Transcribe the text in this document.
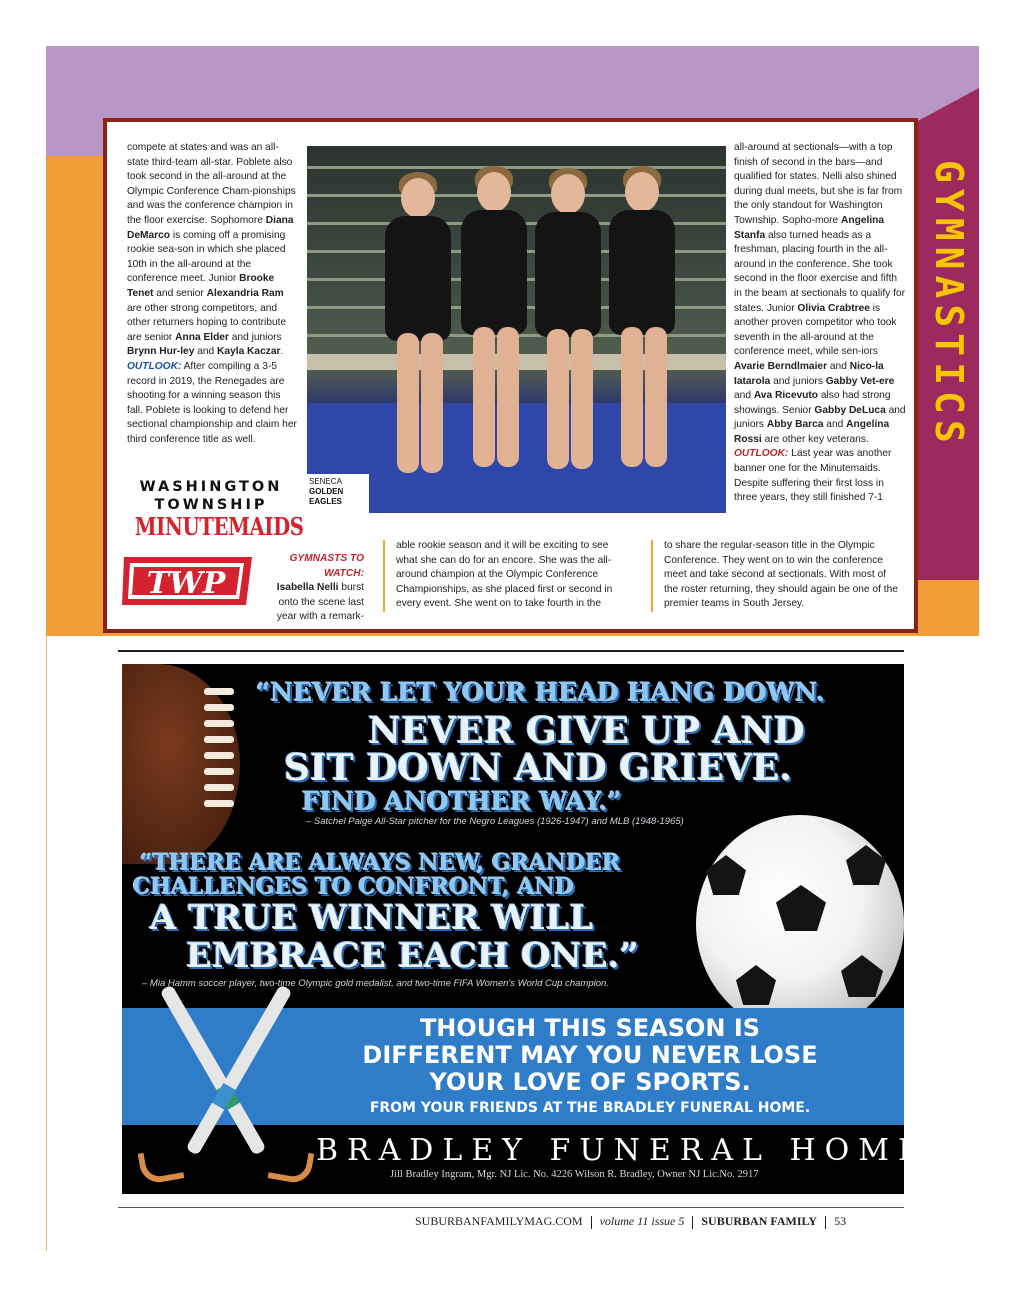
GYMNASTICS
compete at states and was an all-state third-team all-star. Poblete also took second in the all-around at the Olympic Conference Cham-pionships and was the conference champion in the floor exercise. Sophomore Diana DeMarco is coming off a promising rookie sea-son in which she placed 10th in the all-around at the conference meet. Junior Brooke Tenet and senior Alexandria Ram are other strong competitors, and other returners hoping to contribute are senior Anna Elder and juniors Brynn Hur-ley and Kayla Kaczar.
OUTLOOK: After compiling a 3-5 record in 2019, the Renegades are shooting for a winning season this fall. Poblete is looking to defend her sectional championship and claim her third conference title as well.
SENECA
GOLDEN
EAGLES
WASHINGTON TOWNSHIP
MINUTEMAIDS
TWP
GYMNASTS TO WATCH:
Isabella Nelli burst onto the scene last year with a remark-
able rookie season and it will be exciting to see what she can do for an encore. She was the all-around champion at the Olympic Conference Championships, as she placed first or second in every event. She went on to take fourth in the
all-around at sectionals—with a top finish of second in the bars—and qualified for states. Nelli also shined during dual meets, but she is far from the only standout for Washington Township. Sopho-more Angelina Stanfa also turned heads as a freshman, placing fourth in the all-around in the conference. She took second in the floor exercise and fifth in the beam at sectionals to qualify for states. Junior Olivia Crabtree is another proven competitor who took seventh in the all-around at the conference meet, while sen-iors Avarie Berndlmaier and Nico-la Iatarola and juniors Gabby Vet-ere and Ava Ricevuto also had strong showings. Senior Gabby DeLuca and juniors Abby Barca and Angelina Rossi are other key veterans.
OUTLOOK: Last year was another banner one for the Minutemaids. Despite suffering their first loss in three years, they still finished 7-1
to share the regular-season title in the Olympic Conference. They went on to win the conference meet and take second at sectionals. With most of the roster returning, they should again be one of the premier teams in South Jersey.
“NEVER LET YOUR HEAD HANG DOWN.
NEVER GIVE UP AND
SIT DOWN AND GRIEVE.
FIND ANOTHER WAY.”
– Satchel Paige All-Star pitcher for the Negro Leagues (1926-1947) and MLB (1948-1965)
“THERE ARE ALWAYS NEW, GRANDER
CHALLENGES TO CONFRONT, AND
A TRUE WINNER WILL
EMBRACE EACH ONE.”
– Mia Hamm soccer player, two-time Olympic gold medalist, and two-time FIFA Women's World Cup champion.
THOUGH THIS SEASON IS
DIFFERENT MAY YOU NEVER LOSE
YOUR LOVE OF SPORTS.
FROM YOUR FRIENDS AT THE BRADLEY FUNERAL HOME.
BRADLEY FUNERAL HOME
Jill Bradley Ingram, Mgr. NJ Lic. No. 4226 Wilson R. Bradley, Owner NJ Lic.No. 2917
SUBURBANFAMILYMAG.COM volume 11 issue 5 SUBURBAN FAMILY 53
